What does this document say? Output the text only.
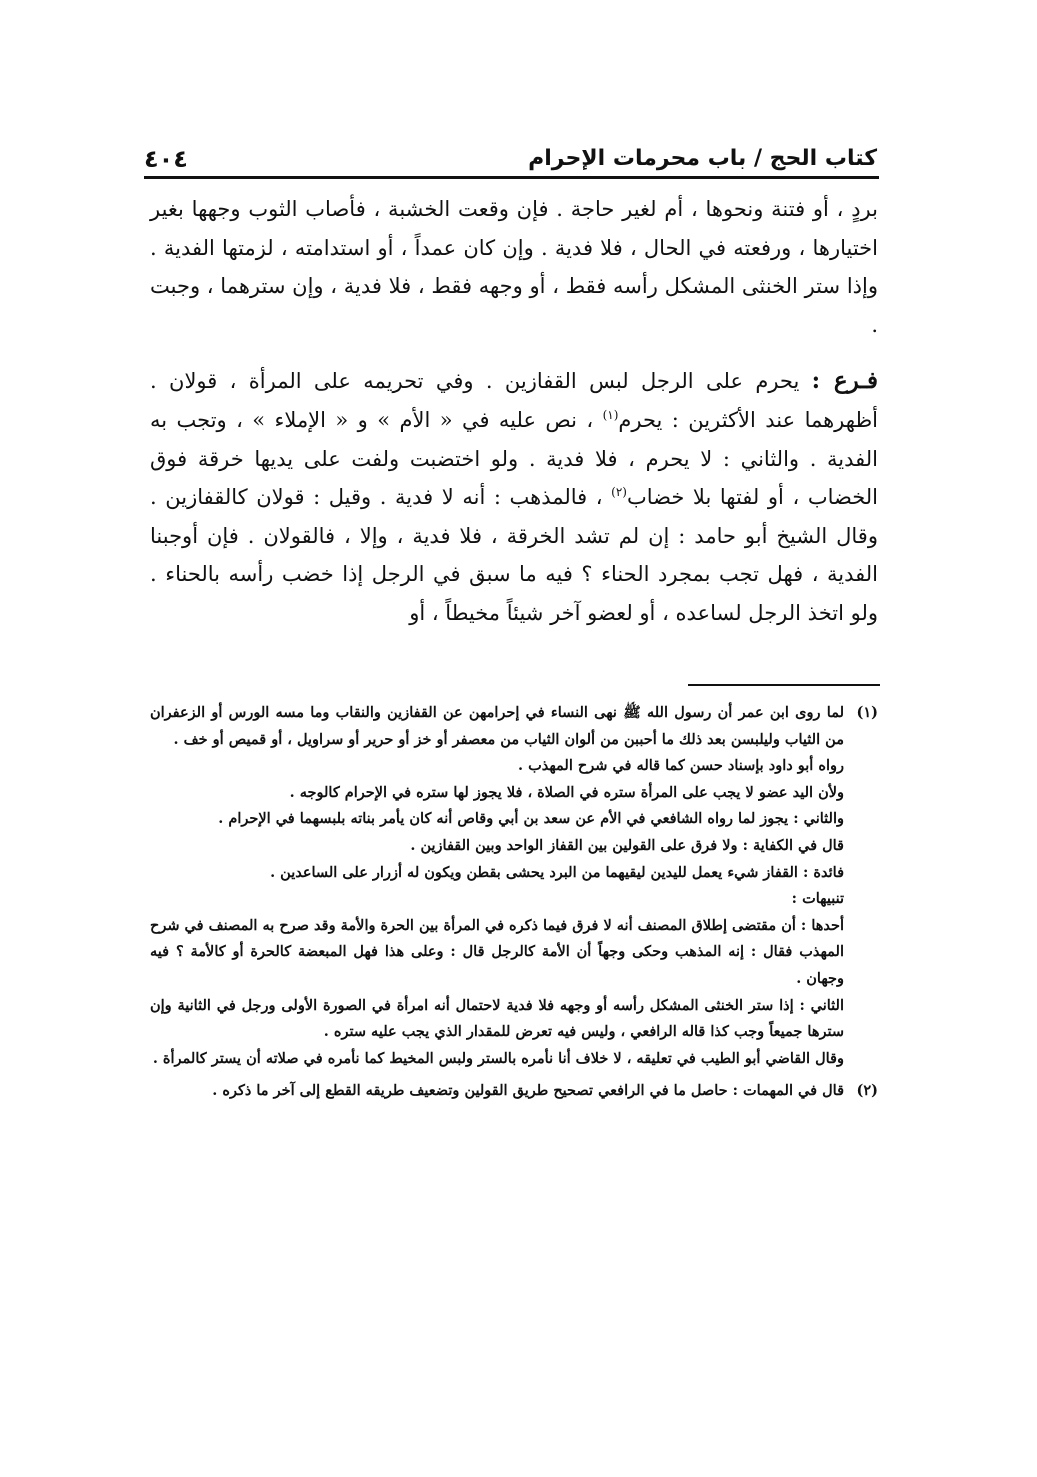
كتاب الحج / باب محرمات الإحرام
٤٠٤

بردٍ ، أو فتنة ونحوها ، أم لغير حاجة . فإن وقعت الخشبة ، فأصاب الثوب وجهها بغير اختيارها ، ورفعته في الحال ، فلا فدية . وإن كان عمداً ، أو استدامته ، لزمتها الفدية . وإذا ستر الخنثى المشكل رأسه فقط ، أو وجهه فقط ، فلا فدية ، وإن سترهما ، وجبت .

فـرع : يحرم على الرجل لبس القفازين . وفي تحريمه على المرأة ، قولان . أظهرهما عند الأكثرين : يحرم$^{(١)}$ ، نص عليه في « الأم » و « الإملاء » ، وتجب به الفدية . والثاني : لا يحرم ، فلا فدية . ولو اختضبت ولفت على يديها خرقة فوق الخضاب ، أو لفتها بلا خضاب$^{(٢)}$ ، فالمذهب : أنه لا فدية . وقيل : قولان كالقفازين . وقال الشيخ أبو حامد : إن لم تشد الخرقة ، فلا فدية ، وإلا ، فالقولان . فإن أوجبنا الفدية ، فهل تجب بمجرد الحناء ؟ فيه ما سبق في الرجل إذا خضب رأسه بالحناء . ولو اتخذ الرجل لساعده ، أو لعضو آخر شيئاً مخيطاً ، أو

(١)

لما روى ابن عمر أن رسول الله ﷺ نهى النساء في إحرامهن عن القفازين والنقاب وما مسه الورس أو الزعفران من الثياب وليلبسن بعد ذلك ما أحببن من ألوان الثياب من معصفر أو خز أو حرير أو سراويل ، أو قميص أو خف .

رواه أبو داود بإسناد حسن كما قاله في شرح المهذب .

ولأن اليد عضو لا يجب على المرأة ستره في الصلاة ، فلا يجوز لها ستره في الإحرام كالوجه .

والثاني : يجوز لما رواه الشافعي في الأم عن سعد بن أبي وقاص أنه كان يأمر بناته بلبسهما في الإحرام .

قال في الكفاية : ولا فرق على القولين بين القفاز الواحد وبين القفازين .

فائدة : القفاز شيء يعمل لليدين ليقيهما من البرد يحشى بقطن ويكون له أزرار على الساعدين .

تنبيهات :

أحدها : أن مقتضى إطلاق المصنف أنه لا فرق فيما ذكره في المرأة بين الحرة والأمة وقد صرح به المصنف في شرح المهذب فقال : إنه المذهب وحكى وجهاً أن الأمة كالرجل قال : وعلى هذا فهل المبعضة كالحرة أو كالأمة ؟ فيه وجهان .

الثاني : إذا ستر الخنثى المشكل رأسه أو وجهه فلا فدية لاحتمال أنه امرأة في الصورة الأولى ورجل في الثانية وإن سترها جميعاً وجب كذا قاله الرافعي ، وليس فيه تعرض للمقدار الذي يجب عليه ستره .

وقال القاضي أبو الطيب في تعليقه ، لا خلاف أنا نأمره بالستر ولبس المخيط كما نأمره في صلاته أن يستر كالمرأة .

(٢)

قال في المهمات : حاصل ما في الرافعي تصحيح طريق القولين وتضعيف طريقه القطع إلى آخر ما ذكره .
